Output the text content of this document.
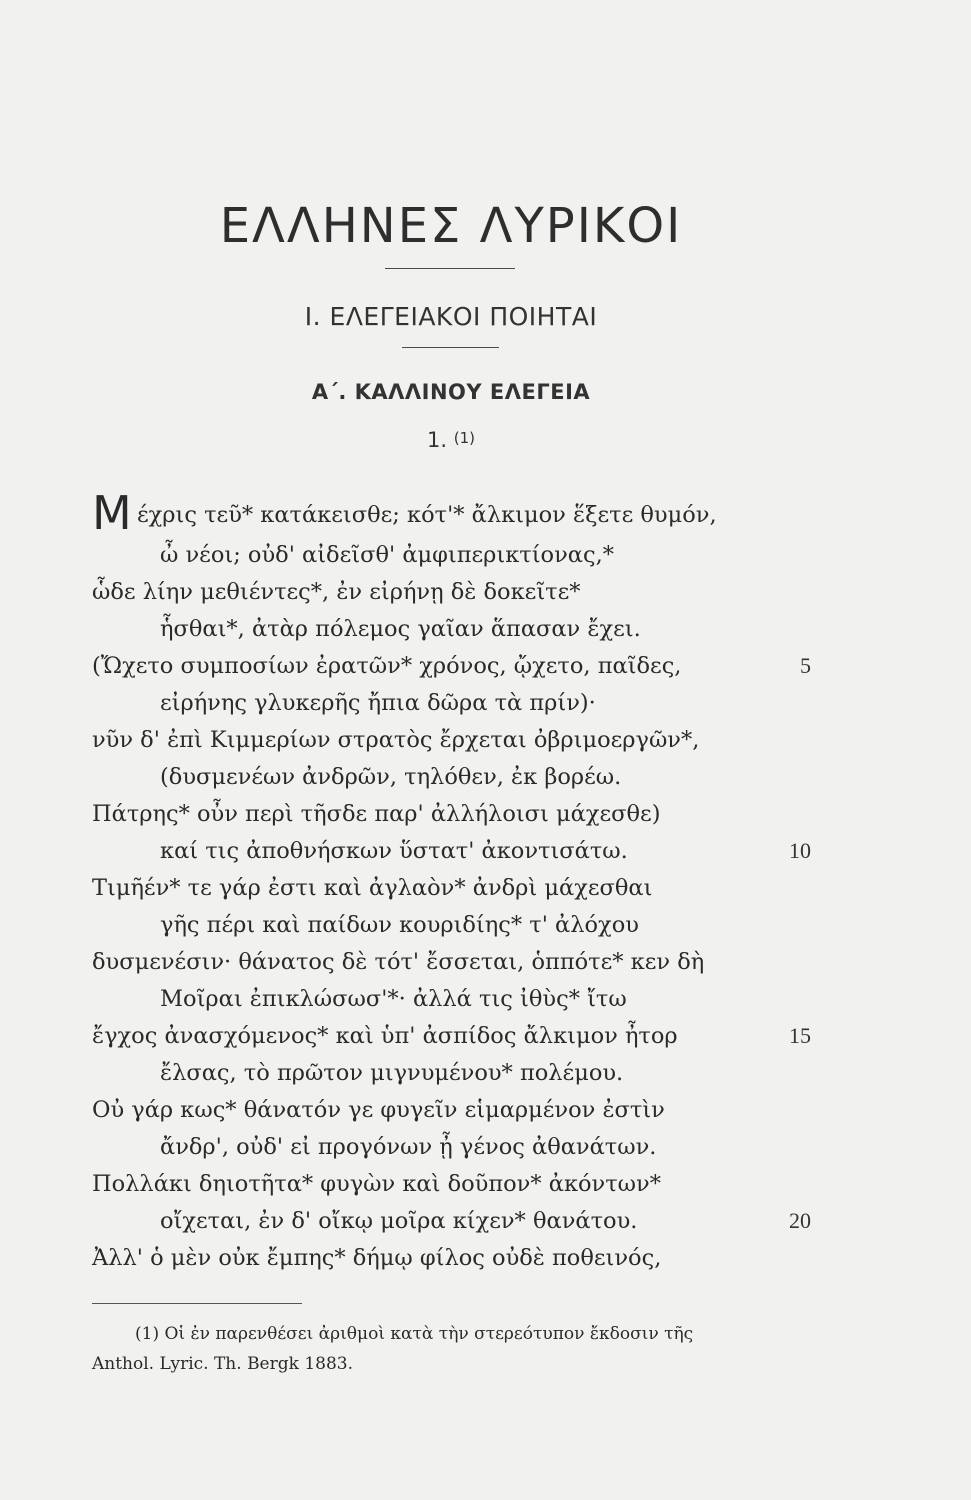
ΕΛΛΗΝΕΣ ΛΥΡΙΚΟΙ
Ι. ΕΛΕΓΕΙΑΚΟΙ ΠΟΙΗΤΑΙ
Α΄. ΚΑΛΛΙΝΟΥ ΕΛΕΓΕΙΑ
1. (1)
Μ έχρις τεῦ* κατάκεισθε; κότ'* ἄλκιμον ἕξετε θυμόν,
ὦ νέοι; οὐδ' αἰδεῖσθ' ἀμφιπερικτίονας,*
ὧδε λίην μεθιέντες*, ἐν εἰρήνῃ δὲ δοκεῖτε*
ἧσθαι*, ἀτὰρ πόλεμος γαῖαν ἅπασαν ἔχει.
(Ὤχετο συμποσίων ἐρατῶν* χρόνος, ᾤχετο, παῖδες,
εἰρήνης γλυκερῆς ἤπια δῶρα τὰ πρίν)·
νῦν δ' ἐπὶ Κιμμερίων στρατὸς ἔρχεται ὀβριμοεργῶν*,
(δυσμενέων ἀνδρῶν, τηλόθεν, ἐκ βορέω.
Πάτρης* οὖν περὶ τῆσδε παρ' ἀλλήλοισι μάχεσθε)
καί τις ἀποθνήσκων ὕστατ' ἀκοντισάτω.
Τιμῆέν* τε γάρ ἐστι καὶ ἀγλαὸν* ἀνδρὶ μάχεσθαι
γῆς πέρι καὶ παίδων κουριδίης* τ' ἀλόχου
δυσμενέσιν· θάνατος δὲ τότ' ἔσσεται, ὁππότε* κεν δὴ
Μοῖραι ἐπικλώσωσ'*· ἀλλά τις ἰθὺς* ἴτω
ἔγχος ἀνασχόμενος* καὶ ὑπ' ἀσπίδος ἄλκιμον ἦτορ
ἔλσας, τὸ πρῶτον μιγνυμένου* πολέμου.
Οὐ γάρ κως* θάνατόν γε φυγεῖν εἱμαρμένον ἐστὶν
ἄνδρ', οὐδ' εἰ προγόνων ᾖ γένος ἀθανάτων.
Πολλάκι δηιοτῆτα* φυγὼν καὶ δοῦπον* ἀκόντων*
οἴχεται, ἐν δ' οἴκῳ μοῖρα κίχεν* θανάτου.
Ἀλλ' ὁ μὲν οὐκ ἔμπης* δήμῳ φίλος οὐδὲ ποθεινός,
5
10
15
20
(1) Οἱ ἐν παρενθέσει ἀριθμοὶ κατὰ τὴν στερεότυπον ἔκδοσιν τῆς
Anthol. Lyric. Th. Bergk 1883.
